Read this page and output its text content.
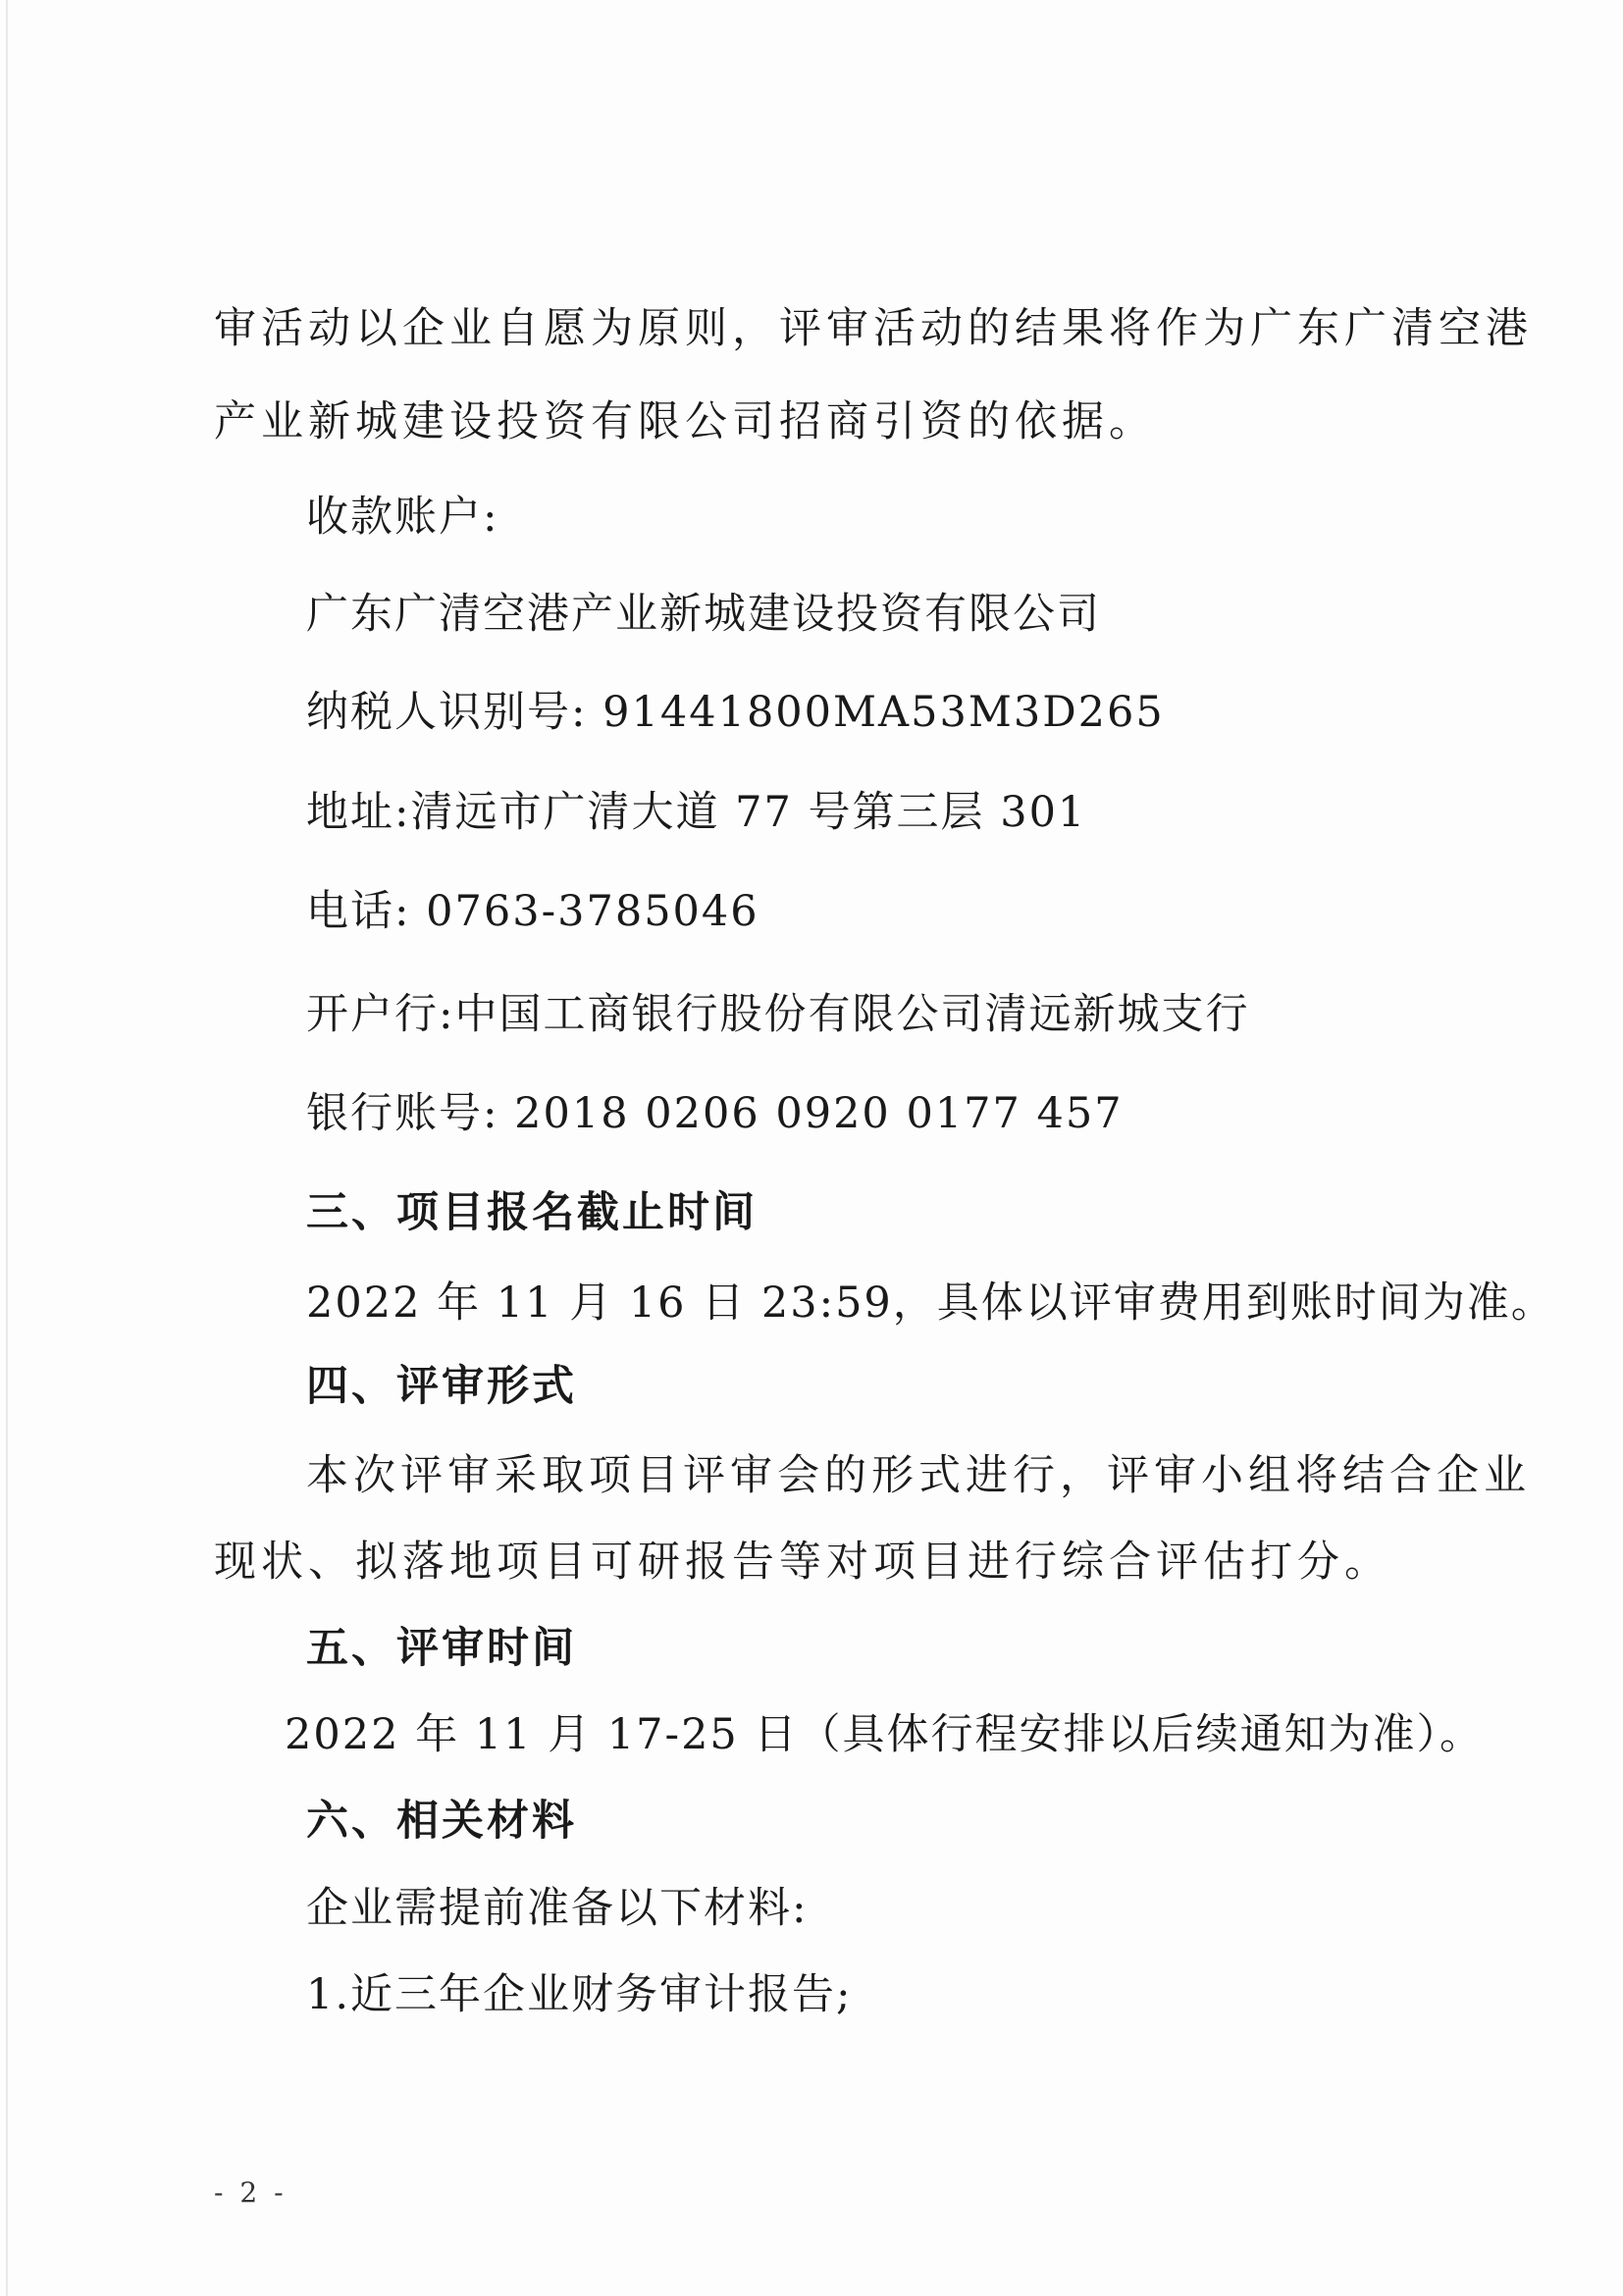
审活动以企业自愿为原则，评审活动的结果将作为广东广清空港
产业新城建设投资有限公司招商引资的依据。
收款账户:
广东广清空港产业新城建设投资有限公司
纳税人识别号: 91441800MA53M3D265
地址:清远市广清大道 77 号第三层 301
电话: 0763-3785046
开户行:中国工商银行股份有限公司清远新城支行
银行账号: 2018 0206 0920 0177 457
三、项目报名截止时间
2022 年 11 月 16 日 23:59，具体以评审费用到账时间为准。
四、评审形式
本次评审采取项目评审会的形式进行，评审小组将结合企业
现状、拟落地项目可研报告等对项目进行综合评估打分。
五、评审时间
2022 年 11 月 17-25 日（具体行程安排以后续通知为准）。
六、相关材料
企业需提前准备以下材料:
1.近三年企业财务审计报告;
- 2 -
